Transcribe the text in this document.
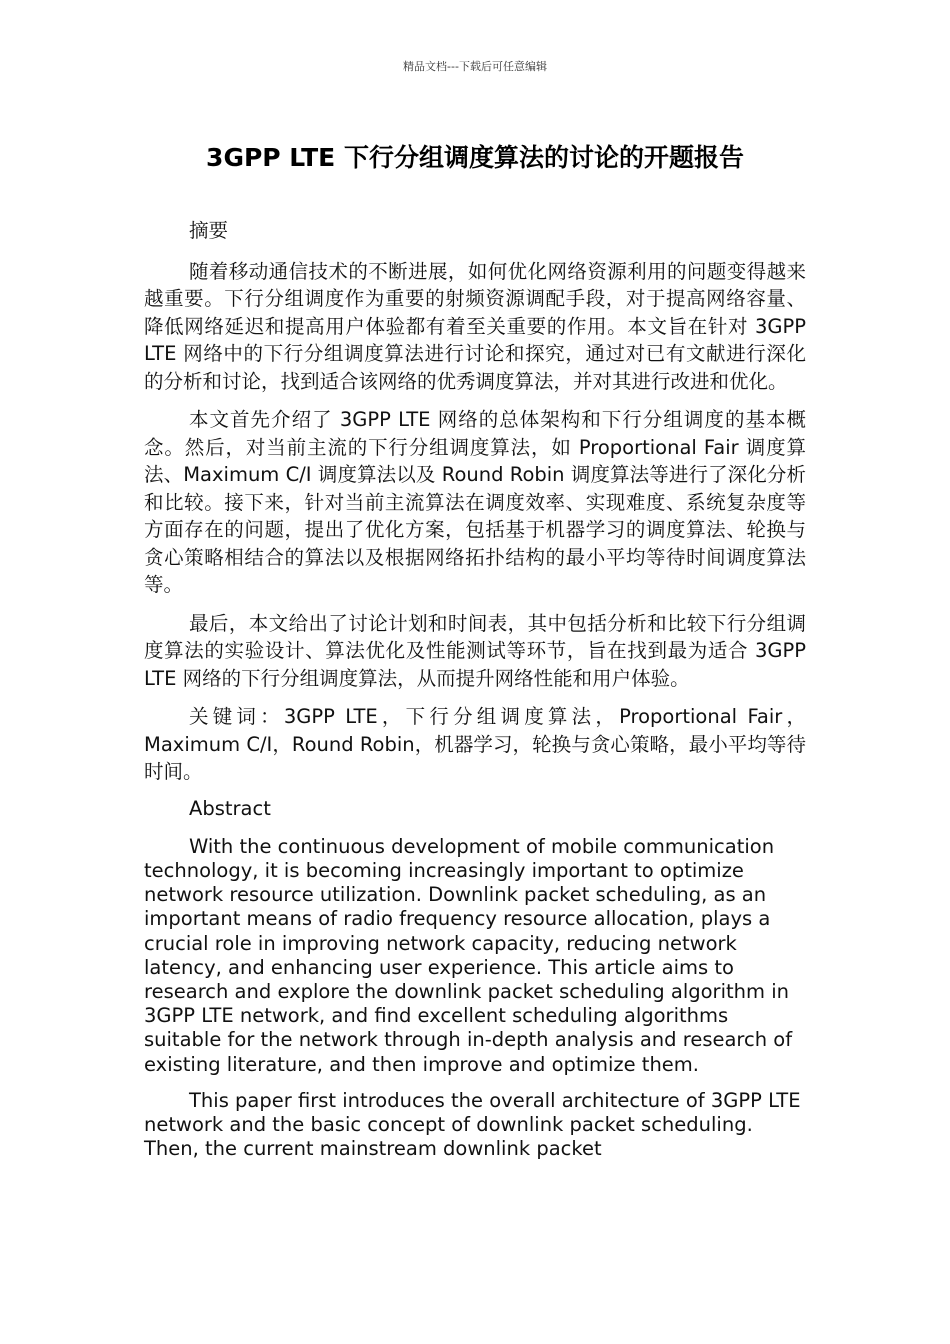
精品文档---下载后可任意编辑
3GPP LTE 下行分组调度算法的讨论的开题报告

摘要

随着移动通信技术的不断进展，如何优化网络资源利用的问题变得越来越重要。下行分组调度作为重要的射频资源调配手段，对于提高网络容量、降低网络延迟和提高用户体验都有着至关重要的作用。本文旨在针对 3GPP LTE 网络中的下行分组调度算法进行讨论和探究，通过对已有文献进行深化的分析和讨论，找到适合该网络的优秀调度算法，并对其进行改进和优化。

本文首先介绍了 3GPP LTE 网络的总体架构和下行分组调度的基本概念。然后，对当前主流的下行分组调度算法，如 Proportional Fair 调度算法、Maximum C/I 调度算法以及 Round Robin 调度算法等进行了深化分析和比较。接下来，针对当前主流算法在调度效率、实现难度、系统复杂度等方面存在的问题，提出了优化方案，包括基于机器学习的调度算法、轮换与贪心策略相结合的算法以及根据网络拓扑结构的最小平均等待时间调度算法等。

最后，本文给出了讨论计划和时间表，其中包括分析和比较下行分组调度算法的实验设计、算法优化及性能测试等环节，旨在找到最为适合 3GPP LTE 网络的下行分组调度算法，从而提升网络性能和用户体验。

关键词：3GPP LTE，下行分组调度算法，Proportional Fair，Maximum C/I，Round Robin，机器学习，轮换与贪心策略，最小平均等待时间。

Abstract

With the continuous development of mobile communication technology, it is becoming increasingly important to optimize network resource utilization. Downlink packet scheduling, as an important means of radio frequency resource allocation, plays a crucial role in improving network capacity, reducing network latency, and enhancing user experience. This article aims to research and explore the downlink packet scheduling algorithm in 3GPP LTE network, and find excellent scheduling algorithms suitable for the network through in-depth analysis and research of existing literature, and then improve and optimize them.

This paper first introduces the overall architecture of 3GPP LTE network and the basic concept of downlink packet scheduling. Then, the current mainstream downlink packet
